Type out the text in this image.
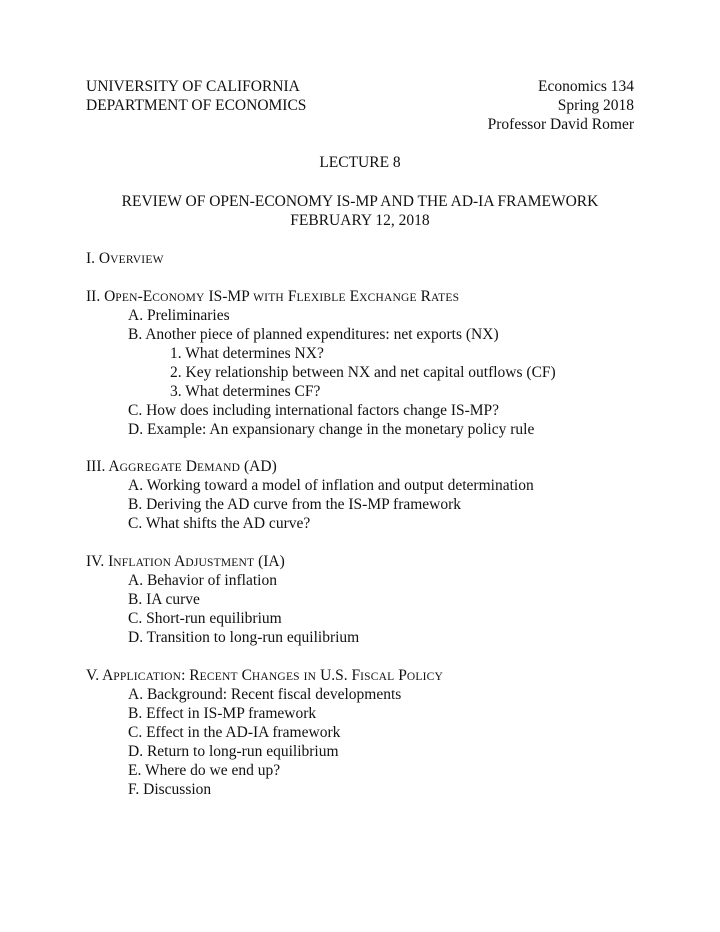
UNIVERSITY OF CALIFORNIA
DEPARTMENT OF ECONOMICS
Economics 134
Spring 2018
Professor David Romer
LECTURE 8
REVIEW OF OPEN-ECONOMY IS-MP AND THE AD-IA FRAMEWORK
FEBRUARY 12, 2018
I. OVERVIEW
II. OPEN-ECONOMY IS-MP WITH FLEXIBLE EXCHANGE RATES
A. Preliminaries
B. Another piece of planned expenditures: net exports (NX)
1. What determines NX?
2. Key relationship between NX and net capital outflows (CF)
3. What determines CF?
C. How does including international factors change IS-MP?
D. Example: An expansionary change in the monetary policy rule
III. AGGREGATE DEMAND (AD)
A. Working toward a model of inflation and output determination
B. Deriving the AD curve from the IS-MP framework
C. What shifts the AD curve?
IV. INFLATION ADJUSTMENT (IA)
A. Behavior of inflation
B. IA curve
C. Short-run equilibrium
D. Transition to long-run equilibrium
V. APPLICATION: RECENT CHANGES IN U.S. FISCAL POLICY
A. Background: Recent fiscal developments
B. Effect in IS-MP framework
C. Effect in the AD-IA framework
D. Return to long-run equilibrium
E. Where do we end up?
F. Discussion
